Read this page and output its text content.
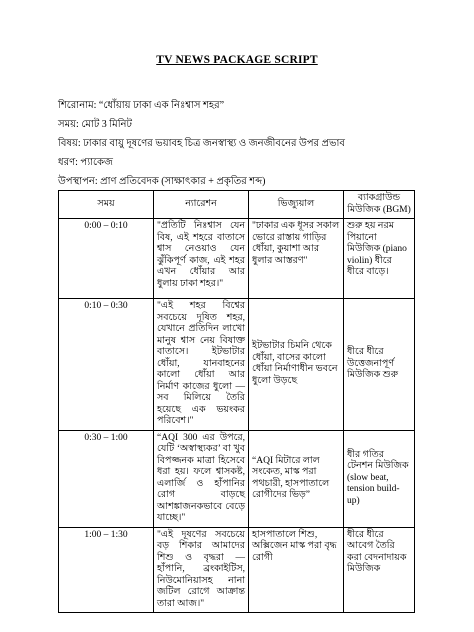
TV NEWS PACKAGE SCRIPT
শিরোনাম: “ধোঁয়ায় ঢাকা এক নিঃশ্বাস শহর”
সময়: মোট 3 মিনিট
বিষয়: ঢাকার বায়ু দূষণের ভয়াবহ চিত্র জনস্বাস্থ্য ও জনজীবনের উপর প্রভাব
ধরণ: প্যাকেজ
উপস্থাপন: প্রাণ প্রতিবেদক (সাক্ষাৎকার + প্রকৃতির শব্দ)
সময়	ন্যারেশন	ভিজ্যুয়াল	ব্যাকগ্রাউন্ড মিউজিক (BGM)
0:00 – 0:10	"প্রতিটি নিঃশ্বাস যেন বিষ, এই শহরে বাতাসে শ্বাস নেওয়াও যেন ঝুঁকিপূর্ণ কাজ, এই শহর এখন ধোঁয়ার আর ধুলায় ঢাকা শহর।"	"ঢাকার এক ধূসর সকাল ভোরে রাস্তায় গাড়ির ধোঁয়া, কুয়াশা আর ধুলার আস্তরণ"	শুরু হয় নরম পিয়ানো মিউজিক (piano violin) ধীরে ধীরে বাড়ে।
0:10 – 0:30	"এই শহর বিশ্বের সবচেয়ে দূষিত শহর, যেখানে প্রতিদিন লাখো মানুষ শ্বাস নেয় বিষাক্ত বাতাসে। ইটভাটার ধোঁয়া, যানবাহনের কালো ধোঁয়া আর নির্মাণ কাজের ধুলো — সব মিলিয়ে তৈরি হয়েছে এক ভয়ংকর পরিবেশ।"	ইটভাটার চিমনি থেকে ধোঁয়া, বাসের কালো ধোঁয়া নির্মাণাধীন ভবনে ধুলো উড়ছে	ধীরে ধীরে উত্তেজনাপূর্ণ মিউজিক শুরু
0:30 – 1:00	“AQI 300 এর উপরে, যেটি ‘অস্বাস্থ্যকর’ বা খুব বিপজ্জনক মাত্রা হিসেবে ধরা হয়। ফলে শ্বাসকষ্ট, এলার্জি ও হাঁপানির রোগ বাড়ছে আশঙ্কাজনকভাবে বেড়ে যাচ্ছে।"	“AQI মিটারে লাল সংকেত, মাস্ক পরা পথচারী, হাসপাতালে রোগীদের ভিড়”	ধীর গতির টেনশন মিউজিক (slow beat, tension build-up)
1:00 – 1:30	"এই দূষণের সবচেয়ে বড় শিকার আমাদের শিশু ও বৃদ্ধরা — হাঁপানি, ব্রংকাইটিস, নিউমোনিয়াসহ নানা জটিল রোগে আক্রান্ত তারা আজ।"	হাসপাতালে শিশু, অক্সিজেন মাস্ক পরা বৃদ্ধ রোগী	ধীরে ধীরে আবেগ তৈরি করা বেদনাদায়ক মিউজিক
